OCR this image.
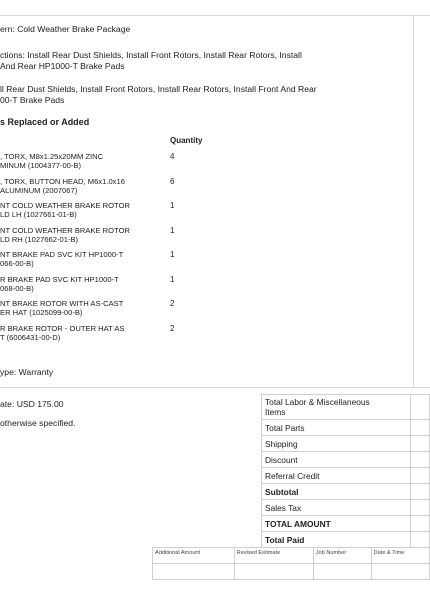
ern: Cold Weather Brake Package
ctions: Install Rear Dust Shields, Install Front Rotors, Install Rear Rotors, Install
And Rear HP1000-T Brake Pads
ll Rear Dust Shields, Install Front Rotors, Install Rear Rotors, Install Front And Rear
00-T Brake Pads
s Replaced or Added
Quantity
, TORX, M8x1.25x20MM ZINC
MINUM (1004377-00-B)
4
, TORX, BUTTON HEAD, M6x1.0x16
ALUMINUM (2007067)
6
NT COLD WEATHER BRAKE ROTOR
LD LH (1027661-01-B)
1
NT COLD WEATHER BRAKE ROTOR
LD RH (1027662-01-B)
1
NT BRAKE PAD SVC KIT HP1000-T
066-00-B)
1
R BRAKE PAD SVC KIT HP1000-T
068-00-B)
1
NT BRAKE ROTOR WITH AS-CAST
ER HAT (1025099-00-B)
2
R BRAKE ROTOR - OUTER HAT AS
T (6006431-00-D)
2
ype: Warranty
ate: USD 175.00
otherwise specified.
Total Labor & Miscellaneous
Items	
Total Parts	
Shipping	
Discount	
Referral Credit	
Subtotal	
Sales Tax	
TOTAL AMOUNT	
Total Paid	
Additional Amount	Revised Estimate	Job Number	Date & Time
